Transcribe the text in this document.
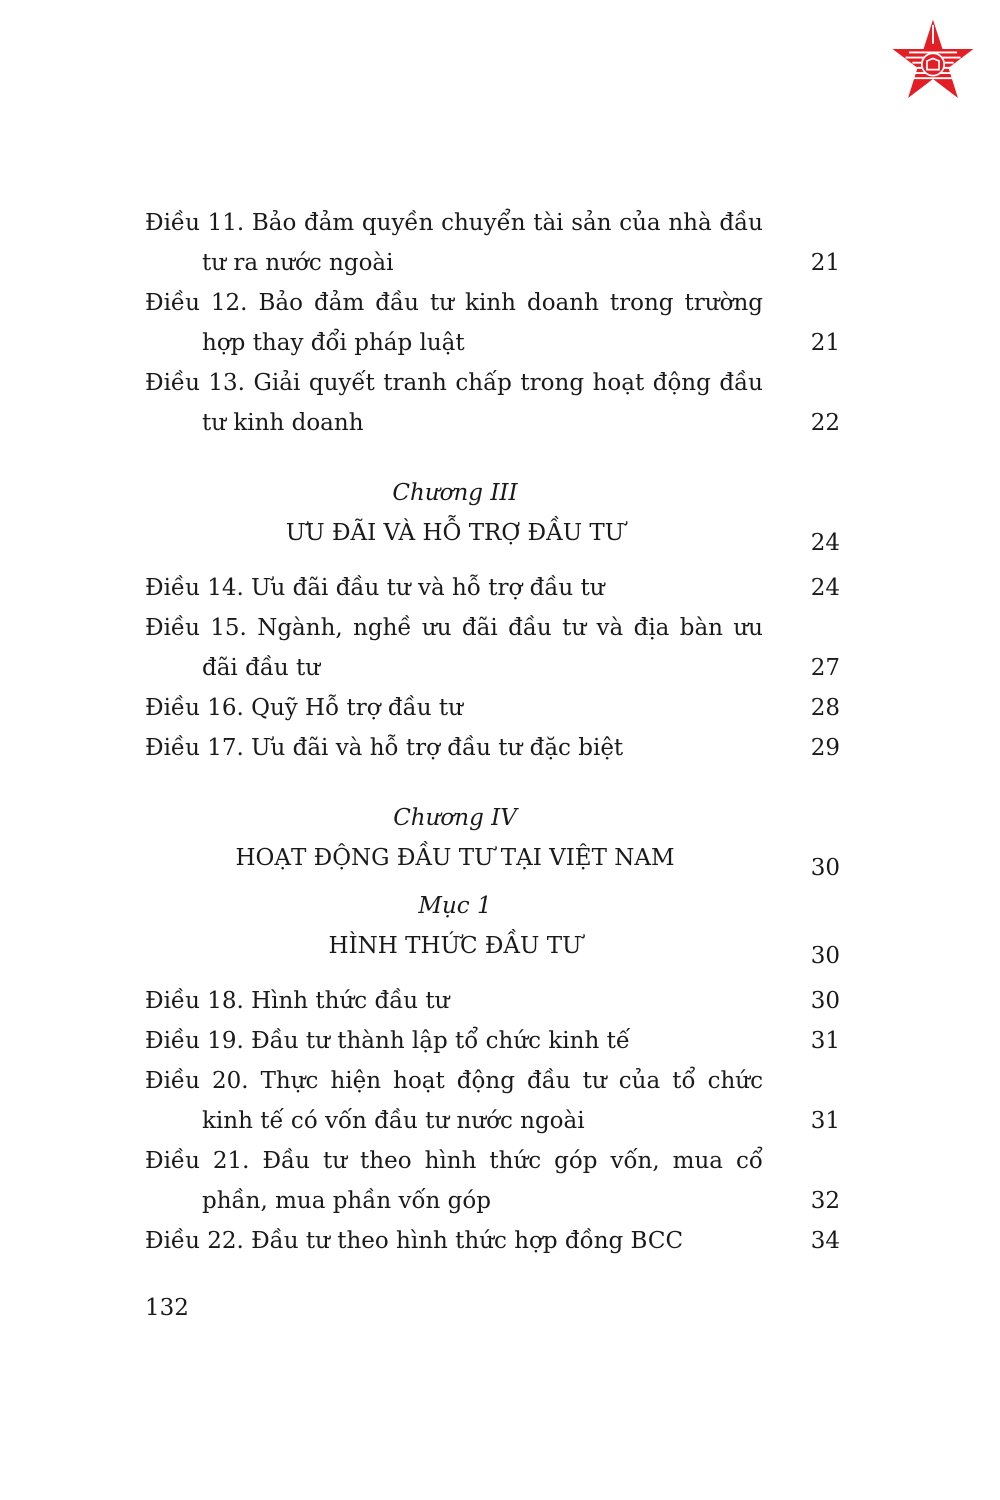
Điều 11. Bảo đảm quyền chuyển tài sản của nhà đầu
tư ra nước ngoài	21
Điều 12. Bảo đảm đầu tư kinh doanh trong trường
hợp thay đổi pháp luật	21
Điều 13. Giải quyết tranh chấp trong hoạt động đầu
tư kinh doanh	22
Chương III
ƯU ĐÃI VÀ HỖ TRỢ ĐẦU TƯ	24
Điều 14. Ưu đãi đầu tư và hỗ trợ đầu tư	24
Điều 15. Ngành, nghề ưu đãi đầu tư và địa bàn ưu
đãi đầu tư	27
Điều 16. Quỹ Hỗ trợ đầu tư	28
Điều 17. Ưu đãi và hỗ trợ đầu tư đặc biệt	29
Chương IV
HOẠT ĐỘNG ĐẦU TƯ TẠI VIỆT NAM	30
Mục 1
HÌNH THỨC ĐẦU TƯ	30
Điều 18. Hình thức đầu tư	30
Điều 19. Đầu tư thành lập tổ chức kinh tế	31
Điều 20. Thực hiện hoạt động đầu tư của tổ chức
kinh tế có vốn đầu tư nước ngoài	31
Điều 21. Đầu tư theo hình thức góp vốn, mua cổ
phần, mua phần vốn góp	32
Điều 22. Đầu tư theo hình thức hợp đồng BCC	34
132
